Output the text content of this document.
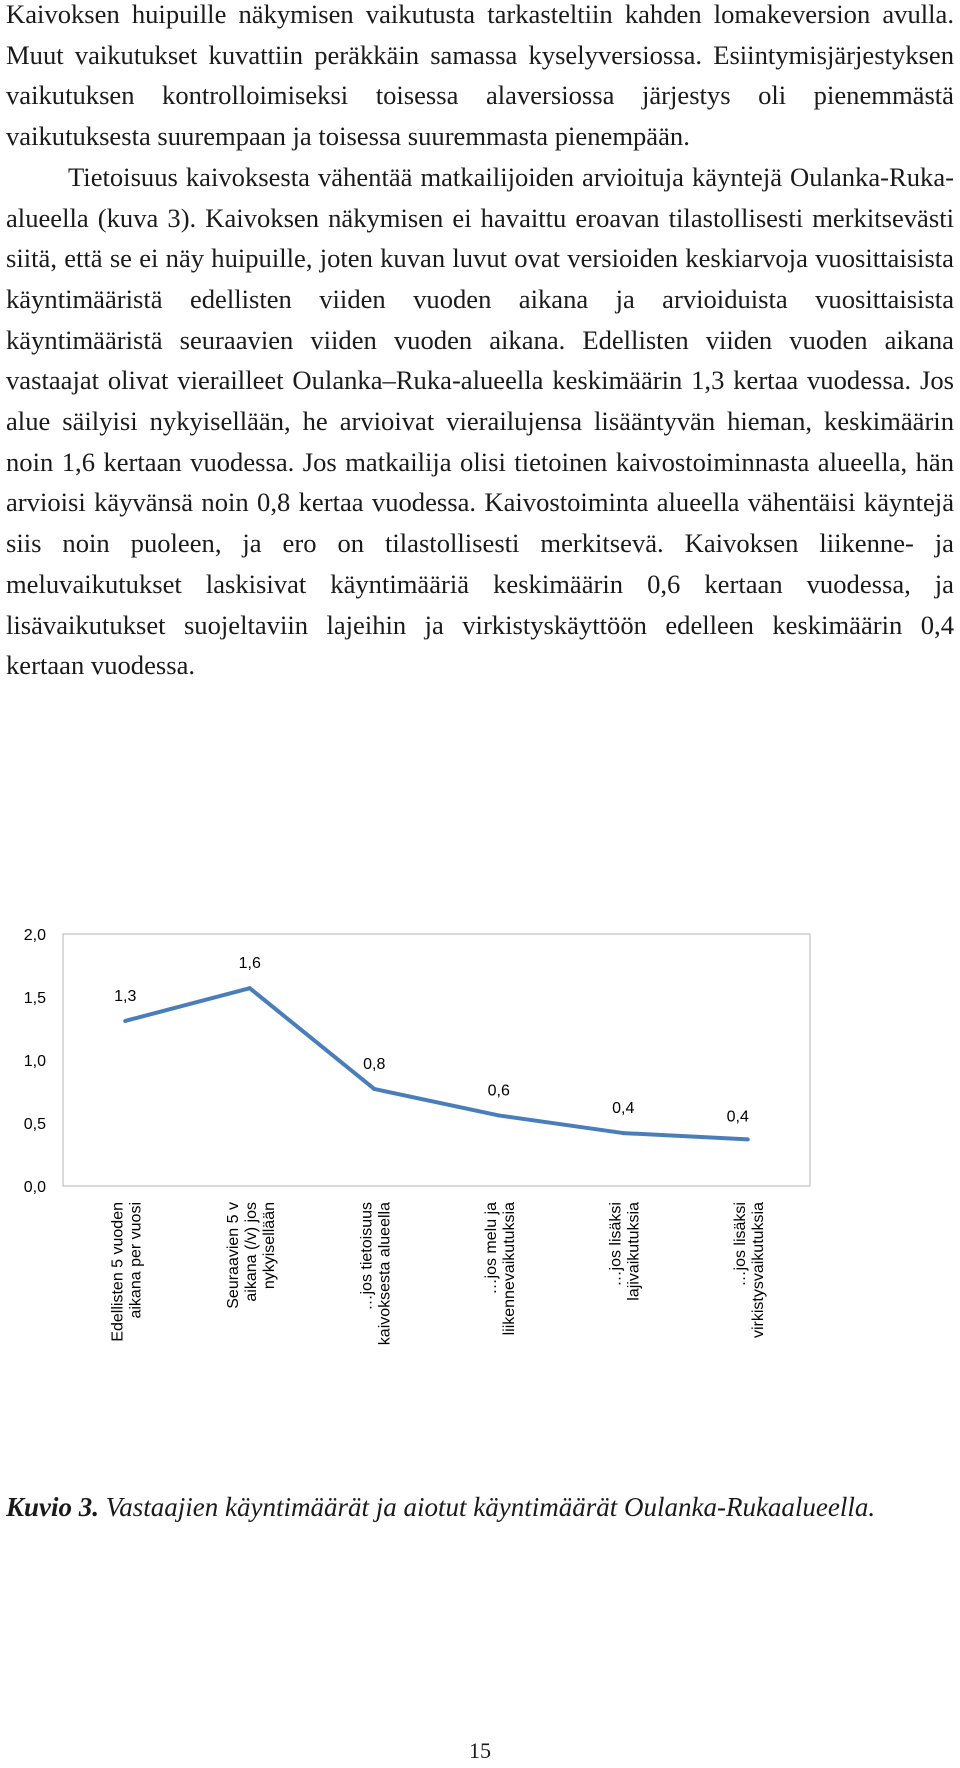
Kaivoksen huipuille näkymisen vaikutusta tarkasteltiin kahden lomakeversion avulla. Muut vaikutukset kuvattiin peräkkäin samassa kyselyversiossa. Esiintymisjärjestyksen vaikutuksen kontrolloimiseksi toisessa alaversiossa järjestys oli pienemmästä vaikutuksesta suurempaan ja toisessa suuremmasta pienempään.

Tietoisuus kaivoksesta vähentää matkailijoiden arvioituja käyntejä Oulanka-Ruka-alueella (kuva 3). Kaivoksen näkymisen ei havaittu eroavan tilastollisesti merkitsevästi siitä, että se ei näy huipuille, joten kuvan luvut ovat versioiden keskiarvoja vuosittaisista käyntimääristä edellisten viiden vuoden aikana ja arvioiduista vuosittaisista käyntimääristä seuraavien viiden vuoden aikana. Edellisten viiden vuoden aikana vastaajat olivat vierailleet Oulanka–Ruka-alueella keskimäärin 1,3 kertaa vuodessa. Jos alue säilyisi nykyisellään, he arvioivat vierailujensa lisääntyvän hieman, keskimäärin noin 1,6 kertaan vuodessa. Jos matkailija olisi tietoinen kaivostoiminnasta alueella, hän arvioisi käyvänsä noin 0,8 kertaa vuodessa. Kaivostoiminta alueella vähentäisi käyntejä siis noin puoleen, ja ero on tilastollisesti merkitsevä. Kaivoksen liikenne- ja meluvaikutukset laskisivat käyntimääriä keskimäärin 0,6 kertaan vuodessa, ja lisävaikutukset suojeltaviin lajeihin ja virkistyskäyttöön edelleen keskimäärin 0,4 kertaan vuodessa.

0,0
0,5
1,0
1,5
2,0
1,3
1,6
0,8
0,6
0,4	0,4
Edellisten 5 vuoden aikana per vuosi	Seuraavien 5 v aikana (/v) jos nykyisellään	…jos tietoisuus kaivoksesta alueella	…jos melu ja liikennevaikutuksia	…jos lisäksi lajivaikutuksia	…jos lisäksi virkistysvaikutuksia
Kuvio 3. Vastaajien käyntimäärät ja aiotut käyntimäärät Oulanka-Rukaalueella.
15
